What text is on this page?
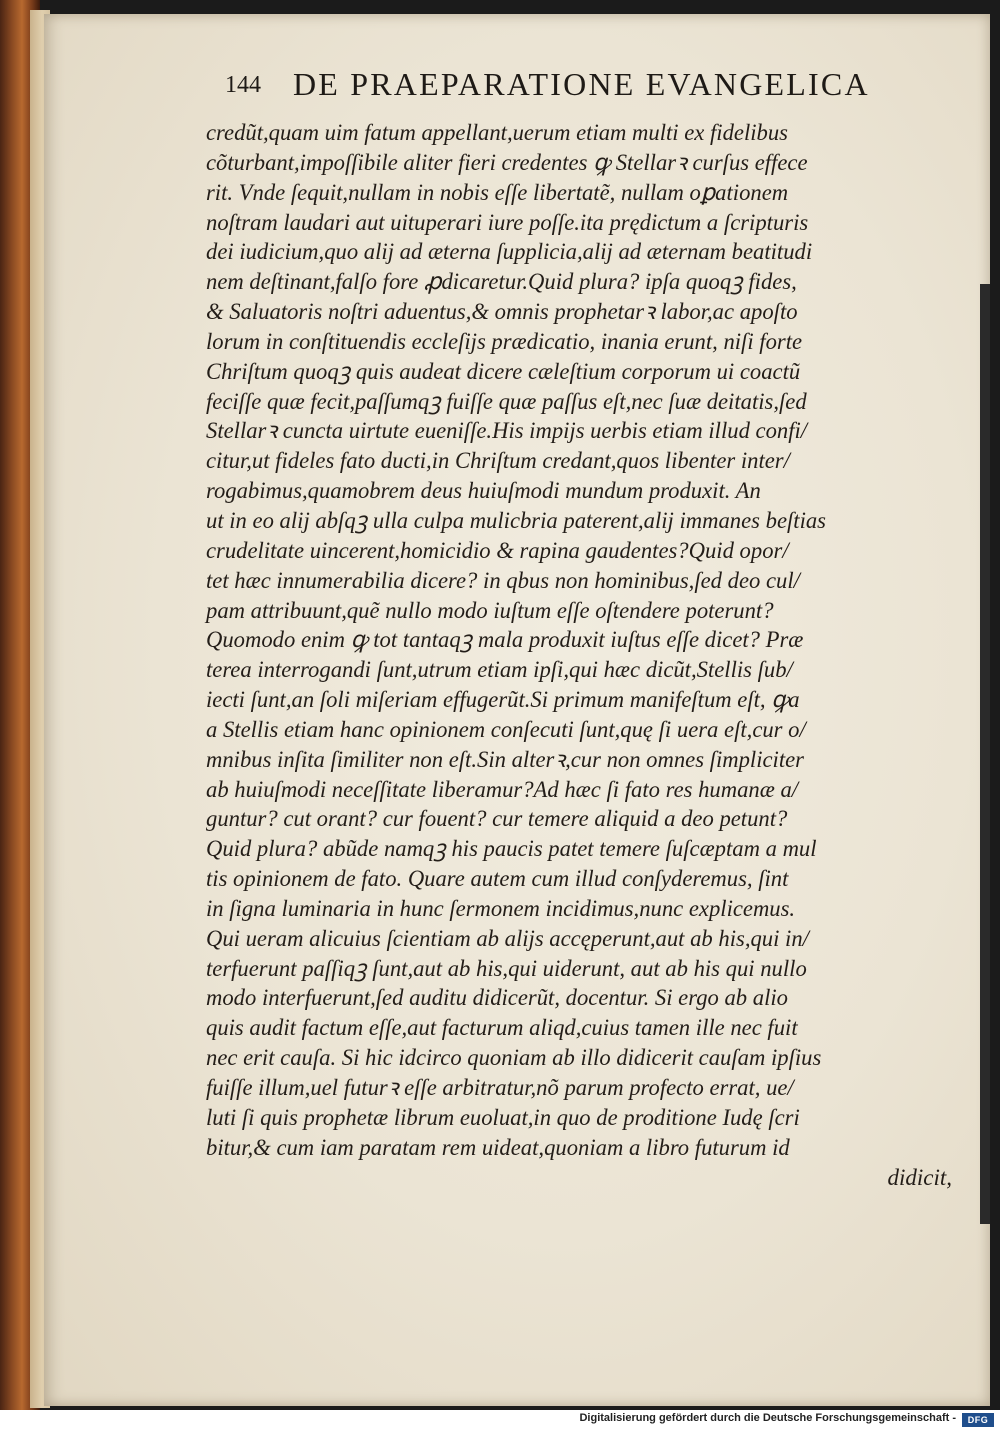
144 DE PRAEPARATIONE EVANGELICA
credũt,quam uim fatum appellant,uerum etiam multi ex fidelibus
cõturbant,impoſſibile aliter fieri credentes ꝙ Stellarꝛ curſus effece
rit. Vnde ſequit,nullam in nobis eſſe libertatẽ, nullam oꝑationem
noſtram laudari aut uituperari iure poſſe.ita prędictum a ſcripturis
dei iudicium,quo alij ad æterna ſupplicia,alij ad æternam beatitudi
nem deſtinant,falſo fore ꝓdicaretur.Quid plura? ipſa quoqꝫ fides,
& Saluatoris noſtri aduentus,& omnis prophetarꝛ labor,ac apoſto
lorum in conſtituendis eccleſijs prædicatio, inania erunt, niſi forte
Chriſtum quoqꝫ quis audeat dicere cæleſtium corporum ui coactũ
feciſſe quæ fecit,paſſumqꝫ fuiſſe quæ paſſus eſt,nec ſuæ deitatis,ſed
Stellarꝛ cuncta uirtute eueniſſe.His impijs uerbis etiam illud confi/
citur,ut fideles fato ducti,in Chriſtum credant,quos libenter inter/
rogabimus,quamobrem deus huiuſmodi mundum produxit. An
ut in eo alij abſqꝫ ulla culpa mulicbria paterent,alij immanes beſtias
crudelitate uincerent,homicidio & rapina gaudentes?Quid opor/
tet hæc innumerabilia dicere? in qbus non hominibus,ſed deo cul/
pam attribuunt,quẽ nullo modo iuſtum eſſe oſtendere poterunt?
Quomodo enim ꝙ tot tantaqꝫ mala produxit iuſtus eſſe dicet? Præ
terea interrogandi ſunt,utrum etiam ipſi,qui hæc dicũt,Stellis ſub/
iecti ſunt,an ſoli miſeriam effugerũt.Si primum manifeſtum eſt, ꝙa
a Stellis etiam hanc opinionem conſecuti ſunt,quę ſi uera eſt,cur o/
mnibus inſita ſimiliter non eſt.Sin alterꝛ,cur non omnes ſimpliciter
ab huiuſmodi neceſſitate liberamur?Ad hæc ſi fato res humanæ a/
guntur? cut orant? cur fouent? cur temere aliquid a deo petunt?
Quid plura? abũde namqꝫ his paucis patet temere ſuſcæptam a mul
tis opinionem de fato. Quare autem cum illud conſyderemus, ſint
in ſigna luminaria in hunc ſermonem incidimus,nunc explicemus.
Qui ueram alicuius ſcientiam ab alijs accęperunt,aut ab his,qui in/
terfuerunt paſſiqꝫ ſunt,aut ab his,qui uiderunt, aut ab his qui nullo
modo interfuerunt,ſed auditu didicerũt, docentur. Si ergo ab alio
quis audit factum eſſe,aut facturum aliqd,cuius tamen ille nec fuit
nec erit cauſa. Si hic idcirco quoniam ab illo didicerit cauſam ipſius
fuiſſe illum,uel futurꝛ eſſe arbitratur,nõ parum profecto errat, ue/
luti ſi quis prophetæ librum euoluat,in quo de proditione Iudę ſcri
bitur,& cum iam paratam rem uideat,quoniam a libro futurum id
didicit,
Digitalisierung gefördert durch die Deutsche Forschungsgemeinschaft -	DFG
